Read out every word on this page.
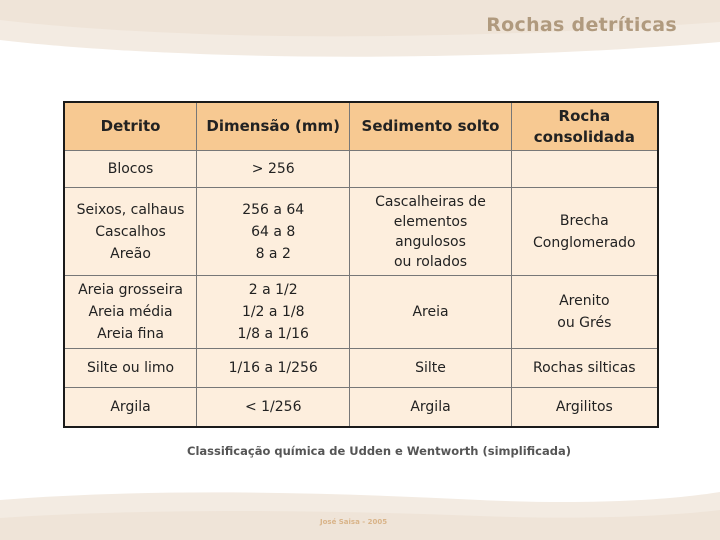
Rochas detríticas
Detrito	Dimensão (mm)	Sedimento solto	Rocha consolidada

Blocos	> 256		

Seixos, calhaus
Cascalhos
Areão	256 a 64
64 a 8
8 a 2	Cascalheiras de
elementos
angulosos
ou rolados	Brecha
Conglomerado

Areia grosseira
Areia média
Areia fina	2 a 1/2
1/2 a 1/8
1/8 a 1/16	Areia	Arenito
ou Grés

Silte ou limo	1/16 a 1/256	Silte	Rochas silticas

Argila	< 1/256	Argila	Argilitos
Classificação química de Udden e Wentworth (simplificada)
José Saisa - 2005
